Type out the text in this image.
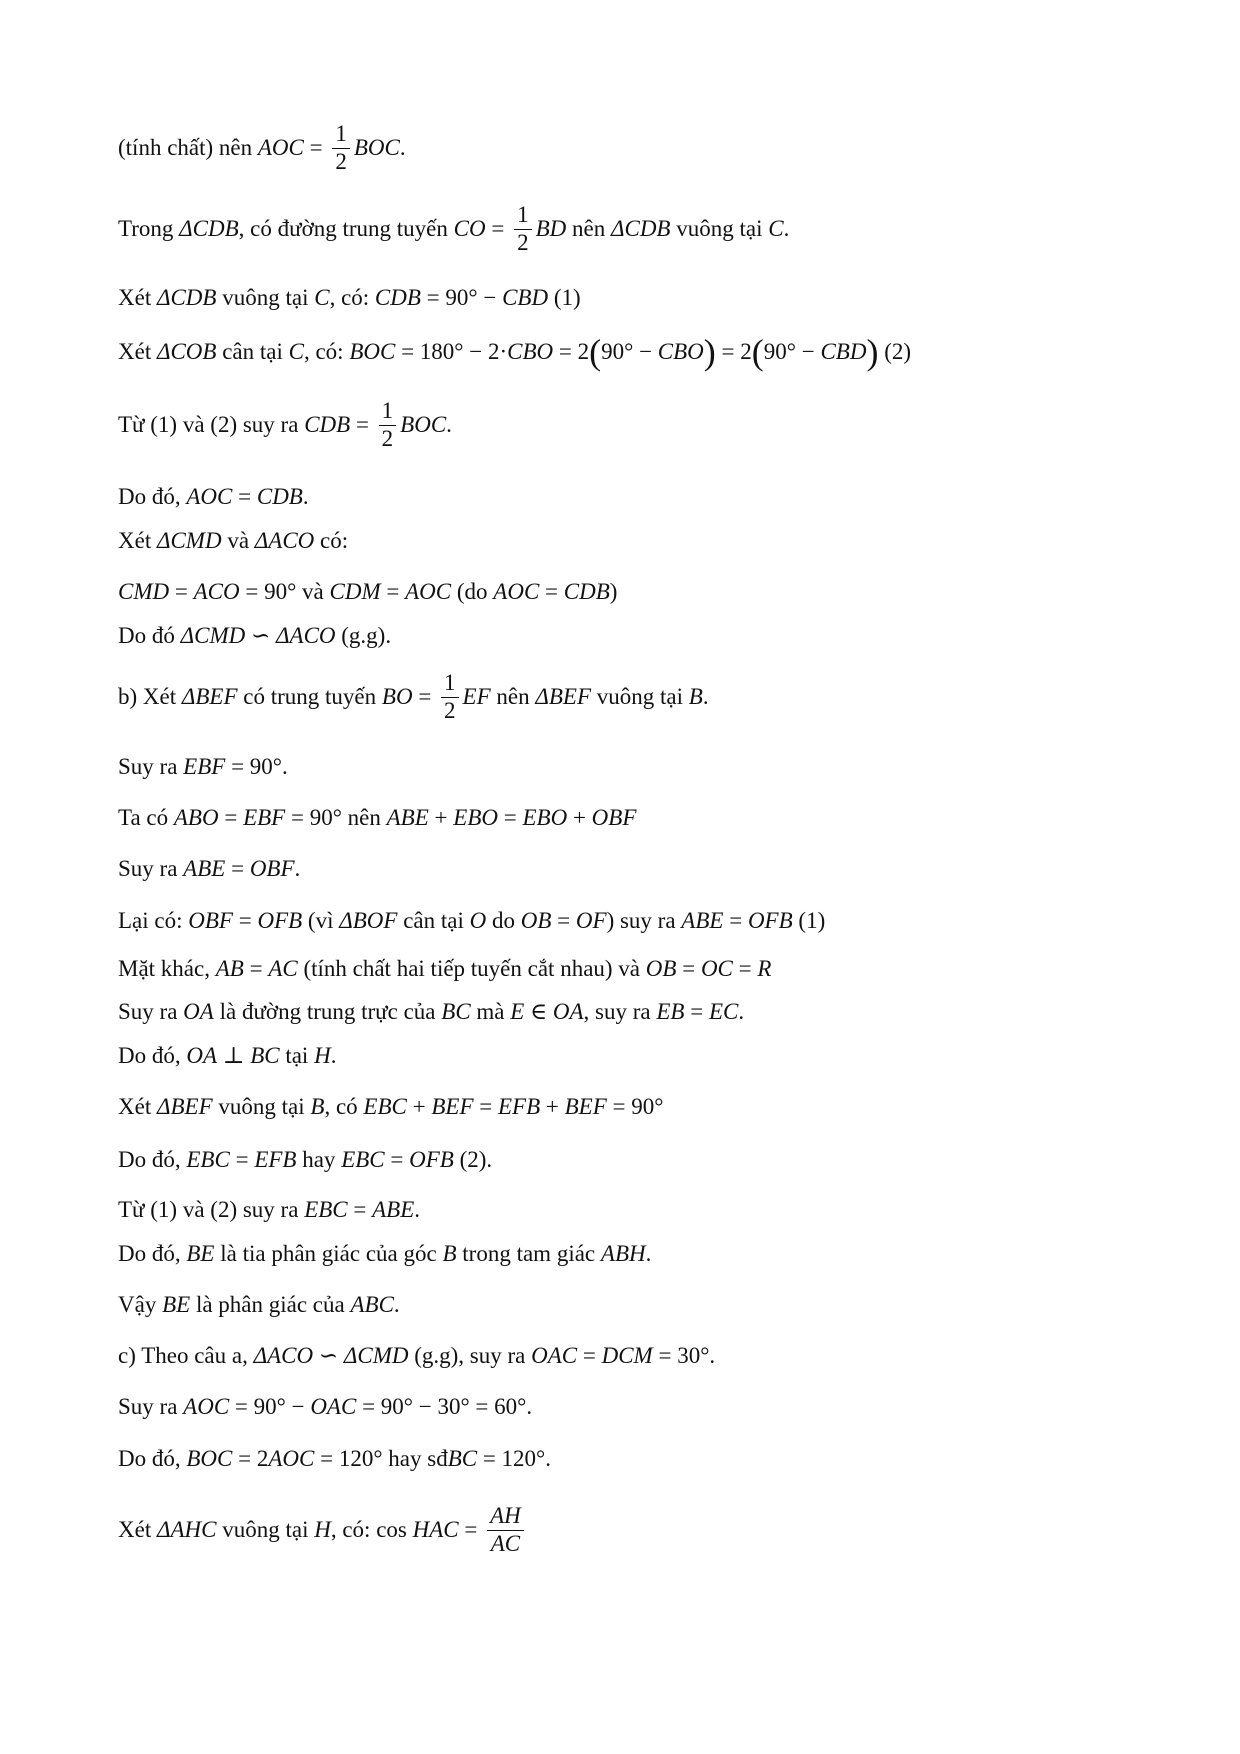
(tính chất) nên AOC = $\frac{1}{2}$ BOC .
Trong ΔCDB , có đường trung tuyến CO = $\frac{1}{2}$ BD nên ΔCDB vuông tại C .
Xét ΔCDB vuông tại C , có: CDB = 90° − CBD (1)
Xét ΔCOB cân tại C , có: BOC = 180° − 2· CBO = 2 ( 90° − CBO ) = 2 ( 90° − CBD ) (2)
Từ (1) và (2) suy ra CDB = $\frac{1}{2}$ BOC .
Do đó, AOC = CDB .
Xét ΔCMD và ΔACO có:
CMD = ACO = 90° và CDM = AOC (do AOC = CDB )
Do đó ΔCMD ∽ ΔACO (g.g).
b) Xét ΔBEF có trung tuyến BO = $\frac{1}{2}$ EF nên ΔBEF vuông tại B .
Suy ra EBF = 90°.
Ta có ABO = EBF = 90° nên ABE + EBO = EBO + OBF
Suy ra ABE = OBF .
Lại có: OBF = OFB (vì ΔBOF cân tại O do OB = OF ) suy ra ABE = OFB (1)
Mặt khác, AB = AC (tính chất hai tiếp tuyến cắt nhau) và OB = OC = R
Suy ra OA là đường trung trực của BC mà E ∈ OA , suy ra EB = EC .
Do đó, OA ⊥ BC tại H .
Xét ΔBEF vuông tại B , có EBC + BEF = EFB + BEF = 90°
Do đó, EBC = EFB hay EBC = OFB (2).
Từ (1) và (2) suy ra EBC = ABE .
Do đó, BE là tia phân giác của góc B trong tam giác ABH .
Vậy BE là phân giác của ABC .
c) Theo câu a, ΔACO ∽ ΔCMD (g.g), suy ra OAC = DCM = 30°.
Suy ra AOC = 90° − OAC = 90° − 30° = 60°.
Do đó, BOC = 2 AOC = 120° hay sđ BC = 120°.
Xét ΔAHC vuông tại H , có: cos HAC = $\frac{AH}{AC}$
